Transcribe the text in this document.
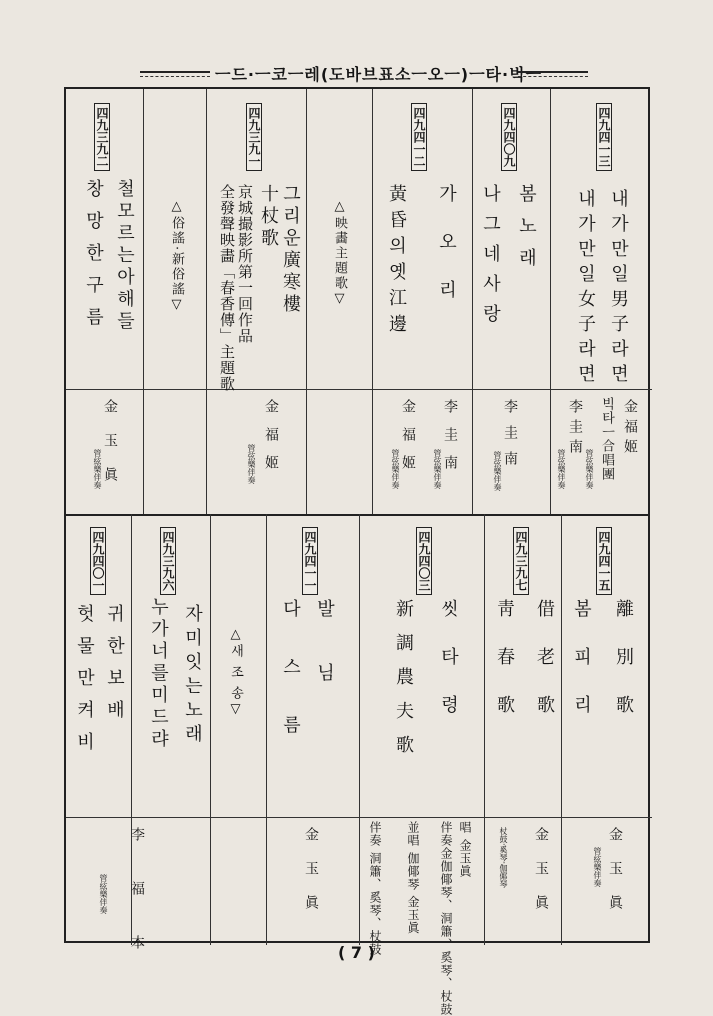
ㅡ드·ㅡ코ㅡ레(도바브표소ㅡ오ㅡ)ㅡ타·빅ㅡ
四九四一三
내가만일男子라면
내가만일女子라면
金福姬
李圭南 빅타ㅡ合唱團
管弦樂伴奏
管弦樂伴奏
四九四〇九
봄노래
나그네사랑
李圭南
管弦樂伴奏
四九四一二
가오리
黃昏의옛江邊
李圭南
金福姬 管弦樂伴奏
管弦樂伴奏
△映畵主題歌▽
四九三九一
그리운廣寒樓
十杖歌
京城撮影所第一回作品
全發聲映畵「春香傳」主題歌
金福姬
管弦樂伴奏
△俗謠·新俗謠▽
四九三九二
철모르는아해들
창망한구름
金玉眞
管絃樂伴奏
四九四一五
離別歌
봄피리
金玉眞
管絃樂伴奏
四九三九七
借老歌
靑春歌
金玉眞
杖鼓·奚琴·伽倻琴
四九四〇三
씻타령
新調農夫歌
唱 金玉眞
伴奏金伽倻琴、洞簫、奚琴、杖鼓
並唱 伽倻琴 金玉眞
伴奏 洞簫、奚琴、杖鼓
四九四一一
발님
다스름
金玉眞
△새 조 송▽
四九三九六
자미잇는노래
누가너를미드랴
李福本
管絃樂伴奏
四九四〇一
귀한보배
헛물만켜비
( 7 )
